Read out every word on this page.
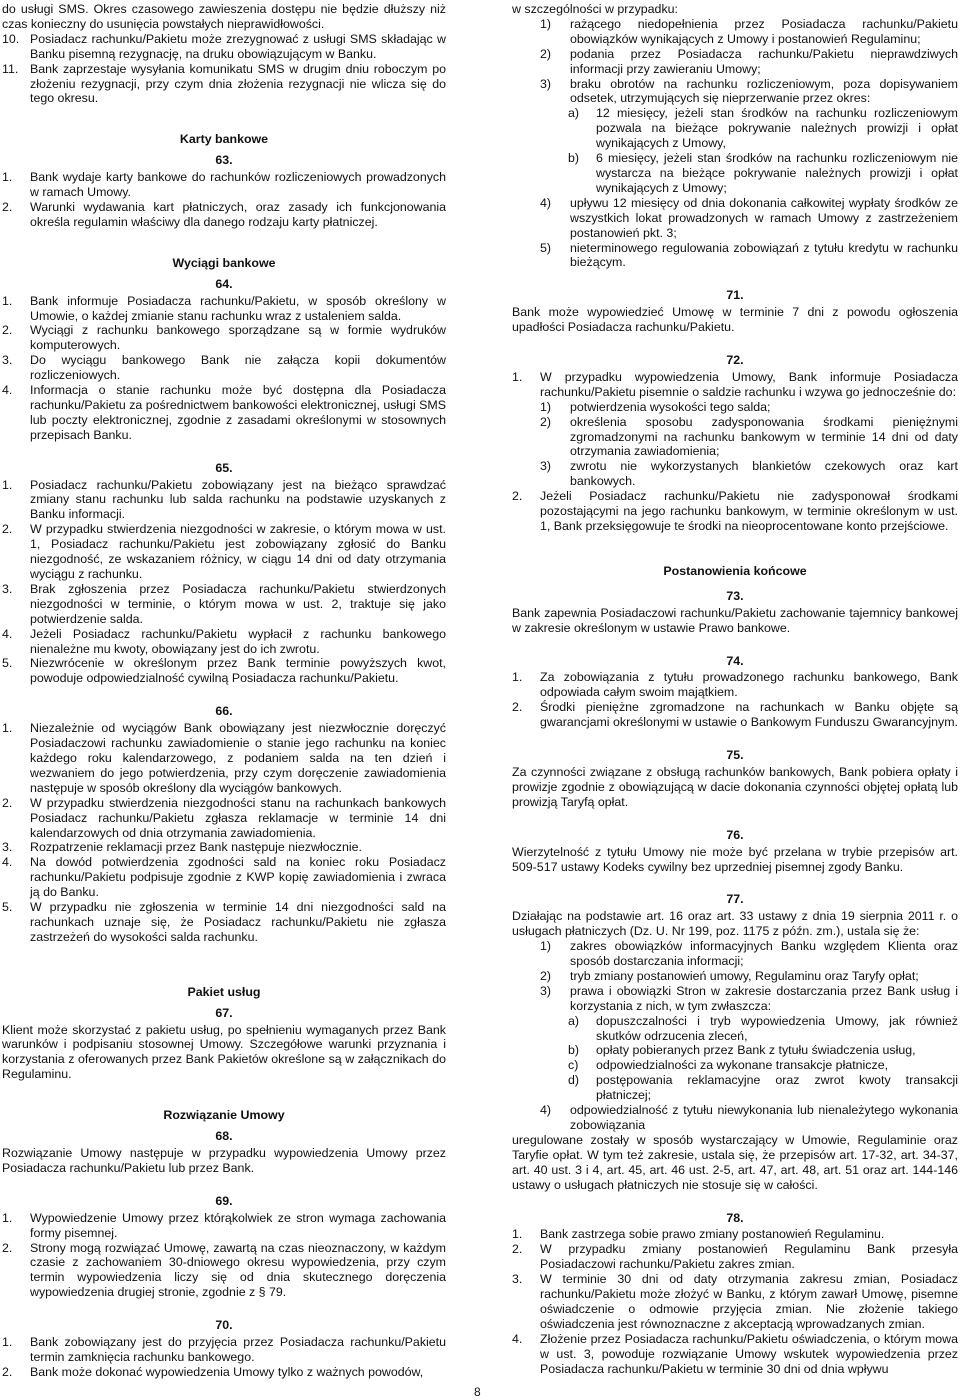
do usługi SMS. Okres czasowego zawieszenia dostępu nie będzie dłuższy niż czas konieczny do usunięcia powstałych nieprawidłowości.

10. Posiadacz rachunku/Pakietu może zrezygnować z usługi SMS składając w Banku pisemną rezygnację, na druku obowiązującym w Banku.
11. Bank zaprzestaje wysyłania komunikatu SMS w drugim dniu roboczym po złożeniu rezygnacji, przy czym dnia złożenia rezygnacji nie wlicza się do tego okresu.
Karty bankowe
63.
1.	Bank wydaje karty bankowe do rachunków rozliczeniowych prowadzonych w ramach Umowy.
2.	Warunki wydawania kart płatniczych, oraz zasady ich funkcjonowania określa regulamin właściwy dla danego rodzaju karty płatniczej.
Wyciągi bankowe
64.
1.	Bank informuje Posiadacza rachunku/Pakietu, w sposób określony w Umowie, o każdej zmianie stanu rachunku wraz z ustaleniem salda.
2.	Wyciągi z rachunku bankowego sporządzane są w formie wydruków komputerowych.
3.	Do wyciągu bankowego Bank nie załącza kopii dokumentów rozliczeniowych.
4.	Informacja o stanie rachunku może być dostępna dla Posiadacza rachunku/Pakietu za pośrednictwem bankowości elektronicznej, usługi SMS lub poczty elektronicznej, zgodnie z zasadami określonymi w stosownych przepisach Banku.
65.
1.	Posiadacz rachunku/Pakietu zobowiązany jest na bieżąco sprawdzać zmiany stanu rachunku lub salda rachunku na podstawie uzyskanych z Banku informacji.
2.	W przypadku stwierdzenia niezgodności w zakresie, o którym mowa w ust. 1, Posiadacz rachunku/Pakietu jest zobowiązany zgłosić do Banku niezgodność, ze wskazaniem różnicy, w ciągu 14 dni od daty otrzymania wyciągu z rachunku.
3.	Brak zgłoszenia przez Posiadacza rachunku/Pakietu stwierdzonych niezgodności w terminie, o którym mowa w ust. 2, traktuje się jako potwierdzenie salda.
4.	Jeżeli Posiadacz rachunku/Pakietu wypłacił z rachunku bankowego nienależne mu kwoty, obowiązany jest do ich zwrotu.
5.	Niezwrócenie w określonym przez Bank terminie powyższych kwot, powoduje odpowiedzialność cywilną Posiadacza rachunku/Pakietu.
66.
1.	Niezależnie od wyciągów Bank obowiązany jest niezwłocznie doręczyć Posiadaczowi rachunku zawiadomienie o stanie jego rachunku na koniec każdego roku kalendarzowego, z podaniem salda na ten dzień i wezwaniem do jego potwierdzenia, przy czym doręczenie zawiadomienia następuje w sposób określony dla wyciągów bankowych.
2.	W przypadku stwierdzenia niezgodności stanu na rachunkach bankowych Posiadacz rachunku/Pakietu zgłasza reklamacje w terminie 14 dni kalendarzowych od dnia otrzymania zawiadomienia.
3.	Rozpatrzenie reklamacji przez Bank następuje niezwłocznie.
4.	Na dowód potwierdzenia zgodności sald na koniec roku Posiadacz rachunku/Pakietu podpisuje zgodnie z KWP kopię zawiadomienia i zwraca ją do Banku.
5.	W przypadku nie zgłoszenia w terminie 14 dni niezgodności sald na rachunkach uznaje się, że Posiadacz rachunku/Pakietu nie zgłasza zastrzeżeń do wysokości salda rachunku.
Pakiet usług
67.

Klient może skorzystać z pakietu usług, po spełnieniu wymaganych przez Bank warunków i podpisaniu stosownej Umowy. Szczegółowe warunki przyznania i korzystania z oferowanych przez Bank Pakietów określone są w załącznikach do Regulaminu.

Rozwiązanie Umowy
68.

Rozwiązanie Umowy następuje w przypadku wypowiedzenia Umowy przez Posiadacza rachunku/Pakietu lub przez Bank.

69.
1.	Wypowiedzenie Umowy przez którąkolwiek ze stron wymaga zachowania formy pisemnej.
2.	Strony mogą rozwiązać Umowę, zawartą na czas nieoznaczony, w każdym czasie z zachowaniem 30-dniowego okresu wypowiedzenia, przy czym termin wypowiedzenia liczy się od dnia skutecznego doręczenia wypowiedzenia drugiej stronie, zgodnie z § 79.
70.
1.	Bank zobowiązany jest do przyjęcia przez Posiadacza rachunku/Pakietu termin zamknięcia rachunku bankowego.
2.	Bank może dokonać wypowiedzenia Umowy tylko z ważnych powodów,

w szczególności w przypadku:

1)	rażącego niedopełnienia przez Posiadacza rachunku/Pakietu obowiązków wynikających z Umowy i postanowień Regulaminu;
2)	podania przez Posiadacza rachunku/Pakietu nieprawdziwych informacji przy zawieraniu Umowy;
3)	braku obrotów na rachunku rozliczeniowym, poza dopisywaniem odsetek, utrzymujących się nieprzerwanie przez okres:
a)	12 miesięcy, jeżeli stan środków na rachunku rozliczeniowym pozwala na bieżące pokrywanie należnych prowizji i opłat wynikających z Umowy,
b)	6 miesięcy, jeżeli stan środków na rachunku rozliczeniowym nie wystarcza na bieżące pokrywanie należnych prowizji i opłat wynikających z Umowy;
4)	upływu 12 miesięcy od dnia dokonania całkowitej wypłaty środków ze wszystkich lokat prowadzonych w ramach Umowy z zastrzeżeniem postanowień pkt. 3;
5)	nieterminowego regulowania zobowiązań z tytułu kredytu w rachunku bieżącym.
71.

Bank może wypowiedzieć Umowę w terminie 7 dni z powodu ogłoszenia upadłości Posiadacza rachunku/Pakietu.

72.
1.	W przypadku wypowiedzenia Umowy, Bank informuje Posiadacza rachunku/Pakietu pisemnie o saldzie rachunku i wzywa go jednocześnie do:
1)	potwierdzenia wysokości tego salda;
2)	określenia sposobu zadysponowania środkami pieniężnymi zgromadzonymi na rachunku bankowym w terminie 14 dni od daty otrzymania zawiadomienia;
3)	zwrotu nie wykorzystanych blankietów czekowych oraz kart bankowych.
2.	Jeżeli Posiadacz rachunku/Pakietu nie zadysponował środkami pozostającymi na jego rachunku bankowym, w terminie określonym w ust. 1, Bank przeksięgowuje te środki na nieoprocentowane konto przejściowe.
Postanowienia końcowe
73.

Bank zapewnia Posiadaczowi rachunku/Pakietu zachowanie tajemnicy bankowej w zakresie określonym w ustawie Prawo bankowe.

74.
1.	Za zobowiązania z tytułu prowadzonego rachunku bankowego, Bank odpowiada całym swoim majątkiem.
2.	Środki pieniężne zgromadzone na rachunkach w Banku objęte są gwarancjami określonymi w ustawie o Bankowym Funduszu Gwarancyjnym.
75.

Za czynności związane z obsługą rachunków bankowych, Bank pobiera opłaty i prowizje zgodnie z obowiązującą w dacie dokonania czynności objętej opłatą lub prowizją Taryfą opłat.

76.

Wierzytelność z tytułu Umowy nie może być przelana w trybie przepisów art. 509-517 ustawy Kodeks cywilny bez uprzedniej pisemnej zgody Banku.

77.

Działając na podstawie art. 16 oraz art. 33 ustawy z dnia 19 sierpnia 2011 r. o usługach płatniczych (Dz. U. Nr 199, poz. 1175 z późn. zm.), ustala się że:

1)	zakres obowiązków informacyjnych Banku względem Klienta oraz sposób dostarczania informacji;
2)	tryb zmiany postanowień umowy, Regulaminu oraz Taryfy opłat;
3)	prawa i obowiązki Stron w zakresie dostarczania przez Bank usług i korzystania z nich, w tym zwłaszcza:
a)	dopuszczalności i tryb wypowiedzenia Umowy, jak również skutków odrzucenia zleceń,
b)	opłaty pobieranych przez Bank z tytułu świadczenia usług,
c)	odpowiedzialności za wykonane transakcje płatnicze,
d)	postępowania reklamacyjne oraz zwrot kwoty transakcji płatniczej;
4)	odpowiedzialność z tytułu niewykonania lub nienależytego wykonania zobowiązania

uregulowane zostały w sposób wystarczający w Umowie, Regulaminie oraz Taryfie opłat. W tym też zakresie, ustala się, że przepisów art. 17-32, art. 34-37, art. 40 ust. 3 i 4, art. 45, art. 46 ust. 2-5, art. 47, art. 48, art. 51 oraz art. 144-146 ustawy o usługach płatniczych nie stosuje się w całości.

78.
1.	Bank zastrzega sobie prawo zmiany postanowień Regulaminu.
2.	W przypadku zmiany postanowień Regulaminu Bank przesyła Posiadaczowi rachunku/Pakietu zakres zmian.
3.	W terminie 30 dni od daty otrzymania zakresu zmian, Posiadacz rachunku/Pakietu może złożyć w Banku, z którym zawarł Umowę, pisemne oświadczenie o odmowie przyjęcia zmian. Nie złożenie takiego oświadczenia jest równoznaczne z akceptacją wprowadzanych zmian.
4.	Złożenie przez Posiadacza rachunku/Pakietu oświadczenia, o którym mowa w ust. 3, powoduje rozwiązanie Umowy wskutek wypowiedzenia przez Posiadacza rachunku/Pakietu w terminie 30 dni od dnia wpływu
8
